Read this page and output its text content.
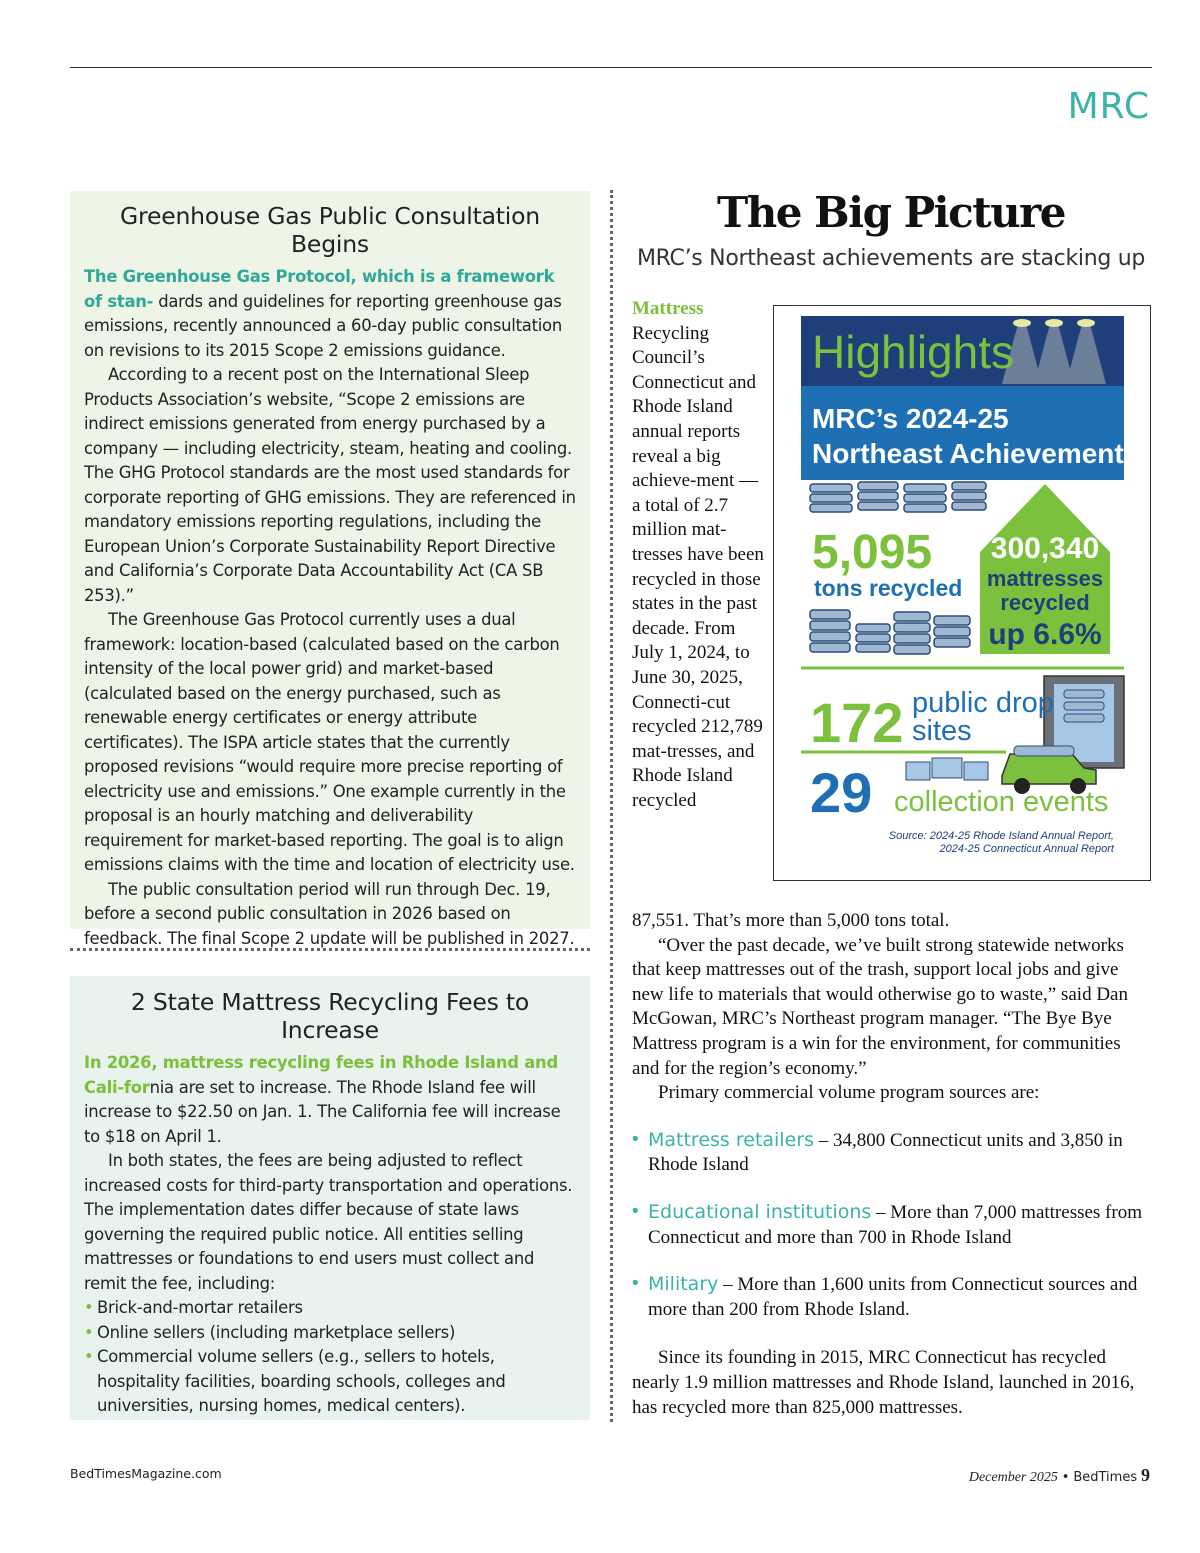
MRC
Greenhouse Gas Public Consultation Begins

The Greenhouse Gas Protocol, which is a framework of stan- dards and guidelines for reporting greenhouse gas emissions, recently announced a 60-day public consultation on revisions to its 2015 Scope 2 emissions guidance.

According to a recent post on the International Sleep Products Association’s website, “Scope 2 emissions are indirect emissions generated from energy purchased by a company — including electricity, steam, heating and cooling. The GHG Protocol standards are the most used standards for corporate reporting of GHG emissions. They are referenced in mandatory emissions reporting regulations, including the European Union’s Corporate Sustainability Report Directive and California’s Corporate Data Accountability Act (CA SB 253).”

The Greenhouse Gas Protocol currently uses a dual framework: location-based (calculated based on the carbon intensity of the local power grid) and market-based (calculated based on the energy purchased, such as renewable energy certificates or energy attribute certificates). The ISPA article states that the currently proposed revisions “would require more precise reporting of electricity use and emissions.” One example currently in the proposal is an hourly matching and deliverability requirement for market-based reporting. The goal is to align emissions claims with the time and location of electricity use.

The public consultation period will run through Dec. 19, before a second public consultation in 2026 based on feedback. The final Scope 2 update will be published in 2027.

2 State Mattress Recycling Fees to Increase

In 2026, mattress recycling fees in Rhode Island and Cali-fornia are set to increase. The Rhode Island fee will increase to $22.50 on Jan. 1. The California fee will increase to $18 on April 1.

In both states, the fees are being adjusted to reflect increased costs for third-party transportation and operations. The implementation dates differ because of state laws governing the required public notice. All entities selling mattresses or foundations to end users must collect and remit the fee, including:

• Brick-and-mortar retailers
• Online sellers (including marketplace sellers)
• Commercial volume sellers (e.g., sellers to hotels, hospitality facilities, boarding schools, colleges and universities, nursing homes, medical centers).
The Big Picture
MRC’s Northeast achievements are stacking up
Mattress Recycling Council’s Connecticut and Rhode Island annual reports reveal a big achieve-ment — a total of 2.7 million mat-tresses have been recycled in those states in the past decade. From July 1, 2024, to June 30, 2025, Connecti-cut recycled 212,789 mat-tresses, and Rhode Island recycled
Highlights
MRC’s 2024-25
Northeast Achievements
300,340
mattresses
recycled
up 6.6%
5,095
tons recycled
172 public drop
sites
29 collection events
Source: 2024-25 Rhode Island Annual Report,
2024-25 Connecticut Annual Report

87,551. That’s more than 5,000 tons total.

“Over the past decade, we’ve built strong statewide networks that keep mattresses out of the trash, support local jobs and give new life to materials that would otherwise go to waste,” said Dan McGowan, MRC’s Northeast program manager. “The Bye Bye Mattress program is a win for the environment, for communities and for the region’s economy.”

Primary commercial volume program sources are:

• Mattress retailers – 34,800 Connecticut units and 3,850 in Rhode Island
• Educational institutions – More than 7,000 mattresses from Connecticut and more than 700 in Rhode Island
• Military – More than 1,600 units from Connecticut sources and more than 200 from Rhode Island.

Since its founding in 2015, MRC Connecticut has recycled nearly 1.9 million mattresses and Rhode Island, launched in 2016, has recycled more than 825,000 mattresses.

BedTimesMagazine.com	December 2025 • BedTimes 9
